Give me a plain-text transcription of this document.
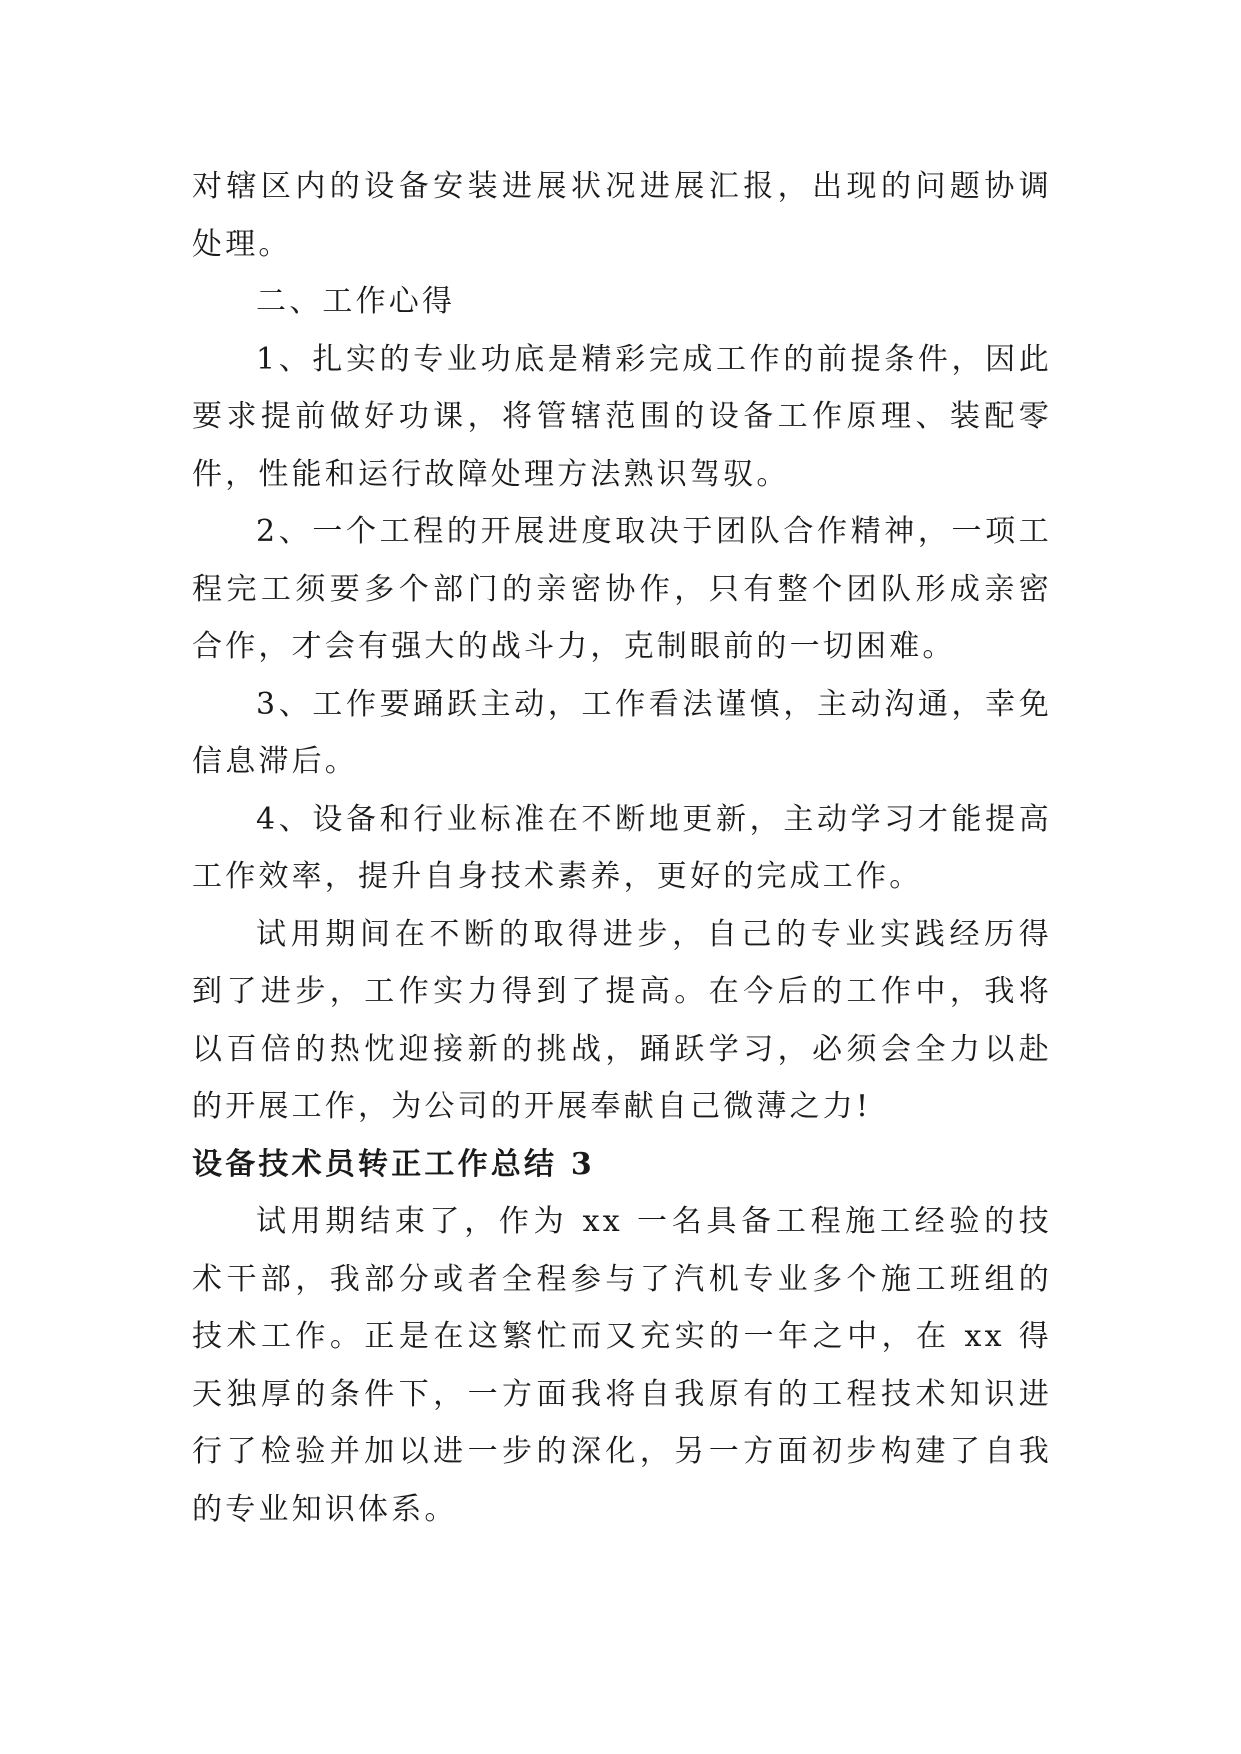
对辖区内的设备安装进展状况进展汇报，出现的问题协调处理。

二、工作心得

1、扎实的专业功底是精彩完成工作的前提条件，因此要求提前做好功课，将管辖范围的设备工作原理、装配零件，性能和运行故障处理方法熟识驾驭。

2、一个工程的开展进度取决于团队合作精神，一项工程完工须要多个部门的亲密协作，只有整个团队形成亲密合作，才会有强大的战斗力，克制眼前的一切困难。

3、工作要踊跃主动，工作看法谨慎，主动沟通，幸免信息滞后。

4、设备和行业标准在不断地更新，主动学习才能提高工作效率，提升自身技术素养，更好的完成工作。

试用期间在不断的取得进步，自己的专业实践经历得到了进步，工作实力得到了提高。在今后的工作中，我将以百倍的热忱迎接新的挑战，踊跃学习，必须会全力以赴的开展工作，为公司的开展奉献自己微薄之力!

设备技术员转正工作总结 3

试用期结束了，作为 xx 一名具备工程施工经验的技术干部，我部分或者全程参与了汽机专业多个施工班组的技术工作。正是在这繁忙而又充实的一年之中，在 xx 得天独厚的条件下，一方面我将自我原有的工程技术知识进行了检验并加以进一步的深化，另一方面初步构建了自我的专业知识体系。
